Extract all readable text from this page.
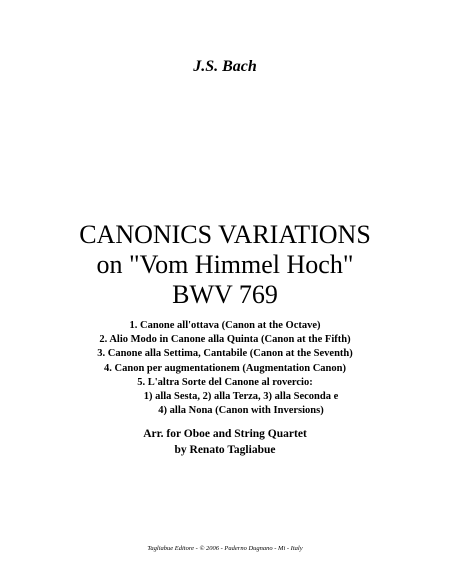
J.S. Bach
CANONICS VARIATIONS
on "Vom Himmel Hoch"
BWV 769
1. Canone all'ottava (Canon at the Octave)
2. Alio Modo in Canone alla Quinta (Canon at the Fifth)
3. Canone alla Settima, Cantabile (Canon at the Seventh)
4. Canon per augmentationem (Augmentation Canon)
5. L'altra Sorte del Canone al rovercio:
1) alla Sesta, 2) alla Terza, 3) alla Seconda e
4) alla Nona (Canon with Inversions)
Arr. for Oboe and String Quartet
by Renato Tagliabue
Tagliabue Editore - © 2006 - Paderno Dugnano - Mi - Italy
